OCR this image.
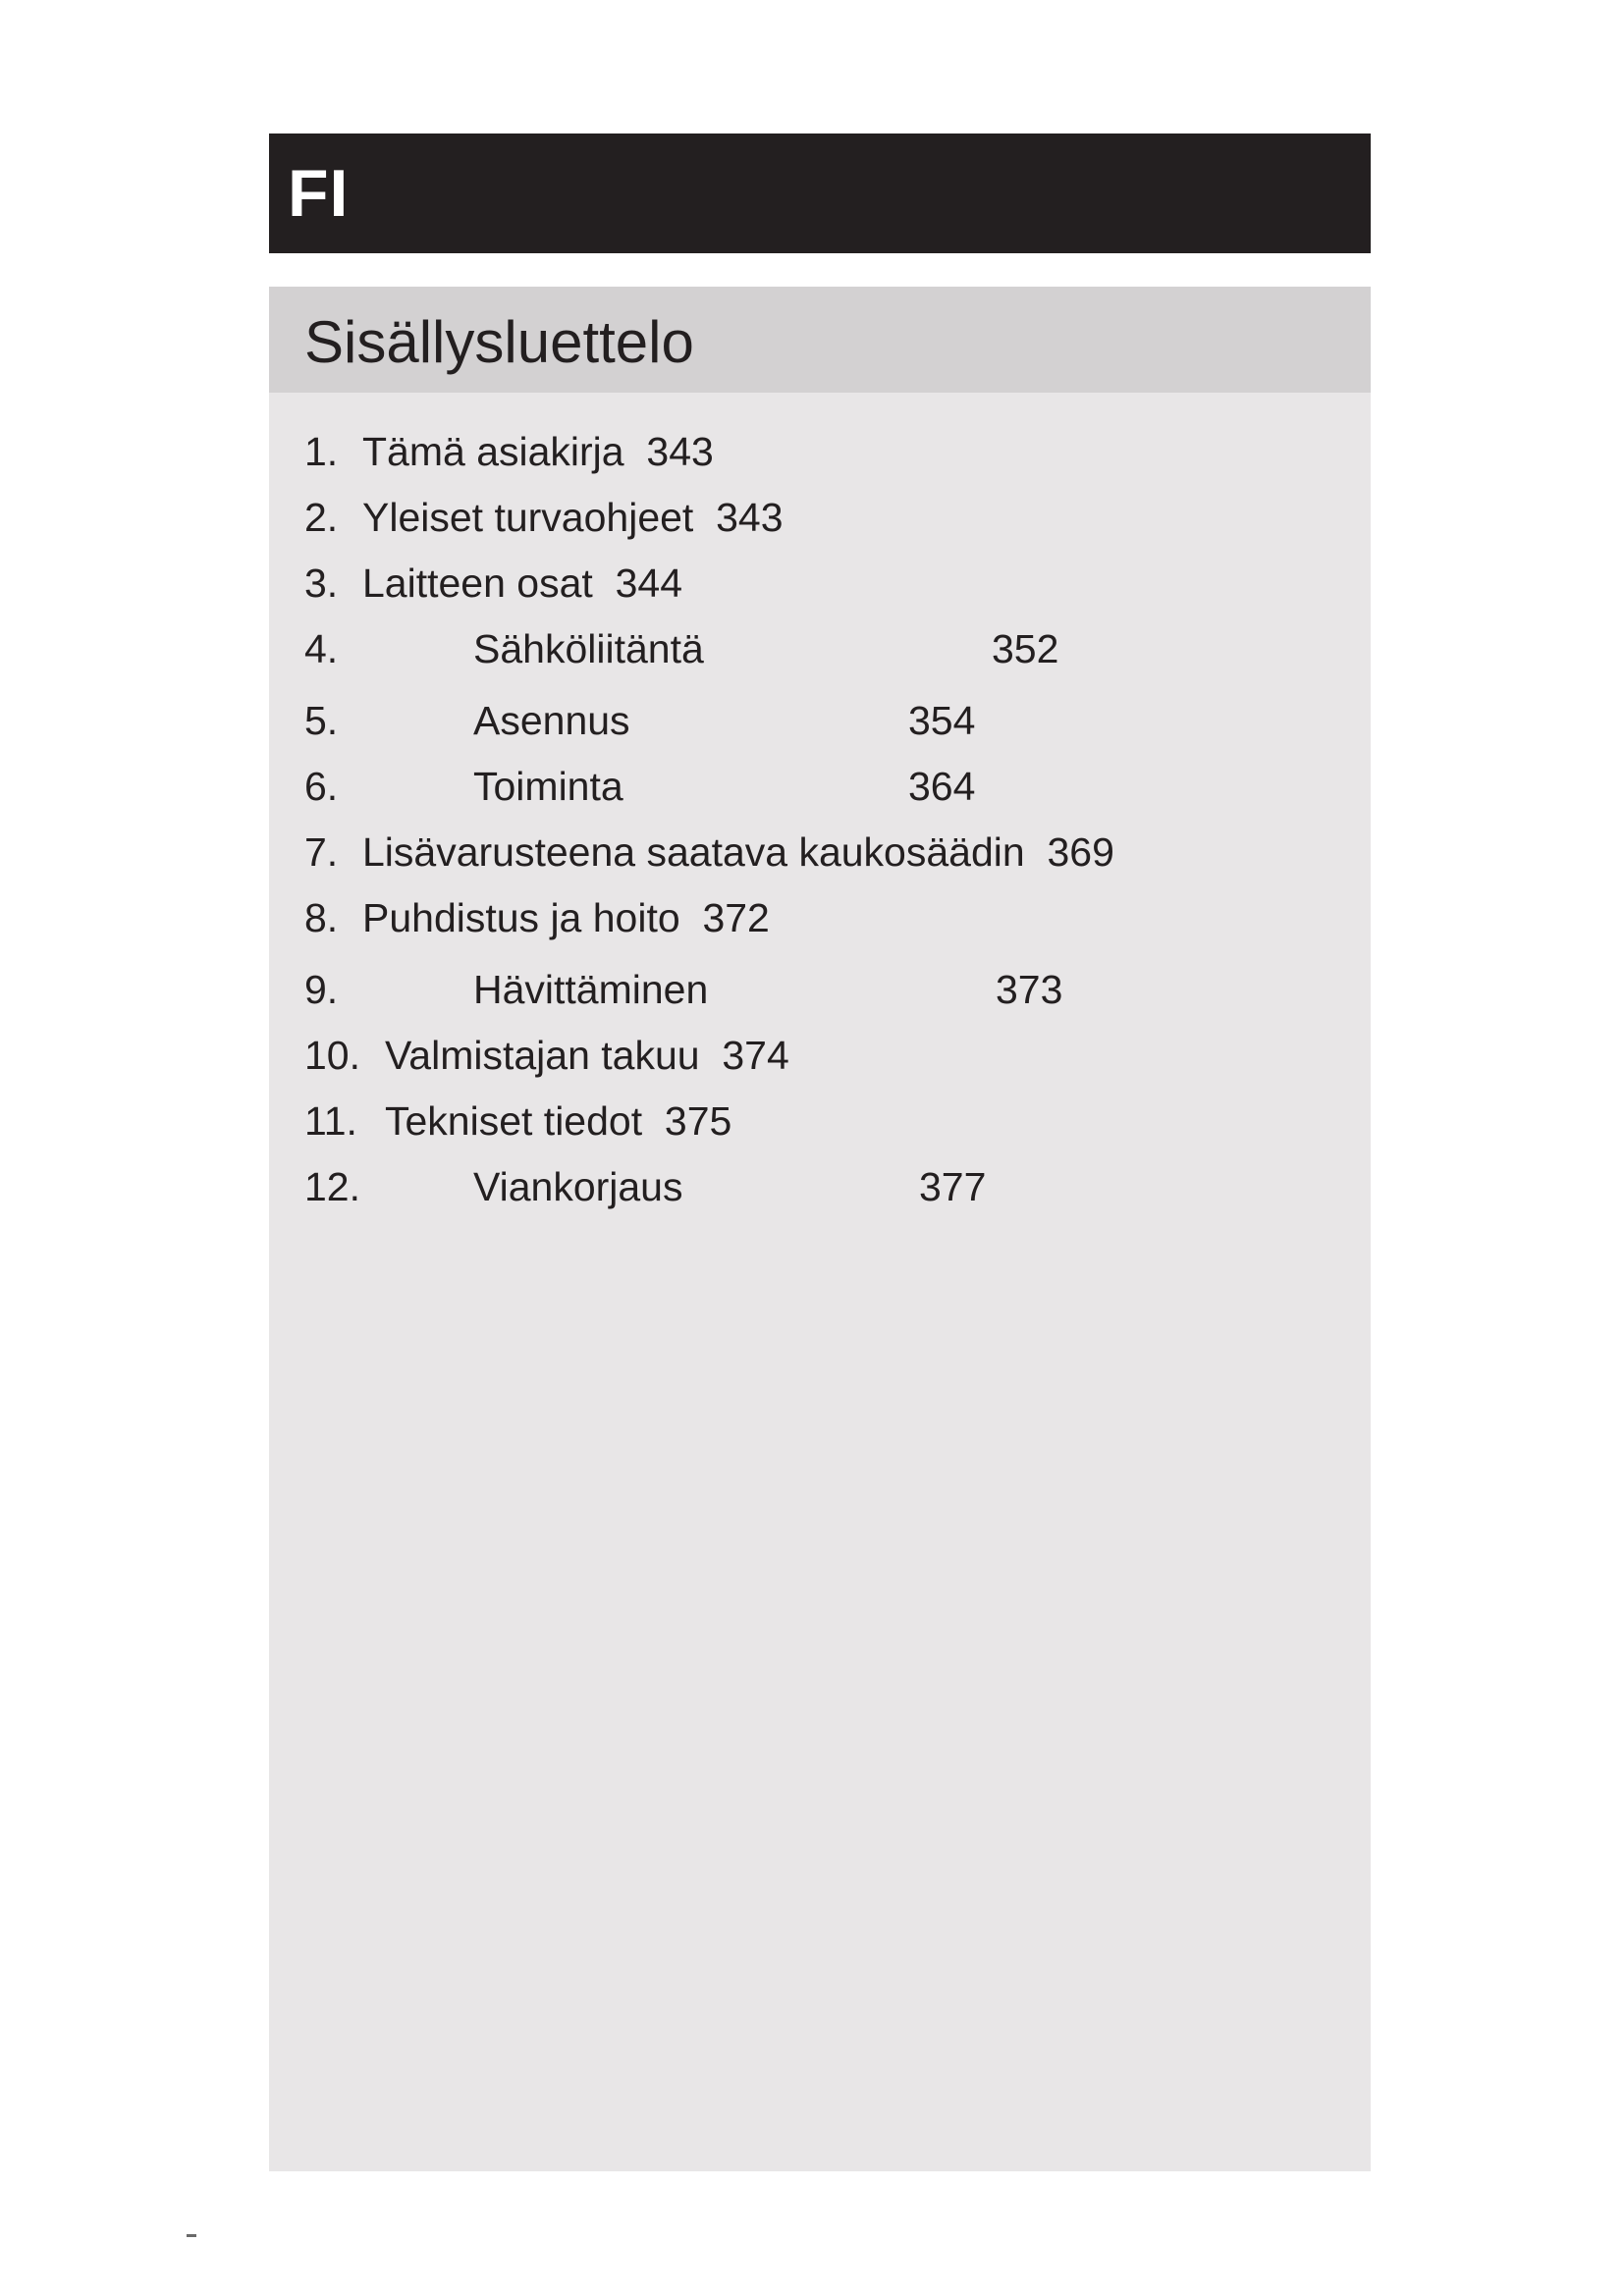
FI
Sisällysluettelo
1. Tämä asiakirja 343
2. Yleiset turvaohjeet 343
3. Laitteen osat 344
4.	Sähköliitäntä	352
5.	Asennus	354
6.	Toiminta	364
7. Lisävarusteena saatava kaukosäädin 369
8. Puhdistus ja hoito 372
9.	Hävittäminen	373
10. Valmistajan takuu 374
11. Tekniset tiedot 375
12.	Viankorjaus	377
